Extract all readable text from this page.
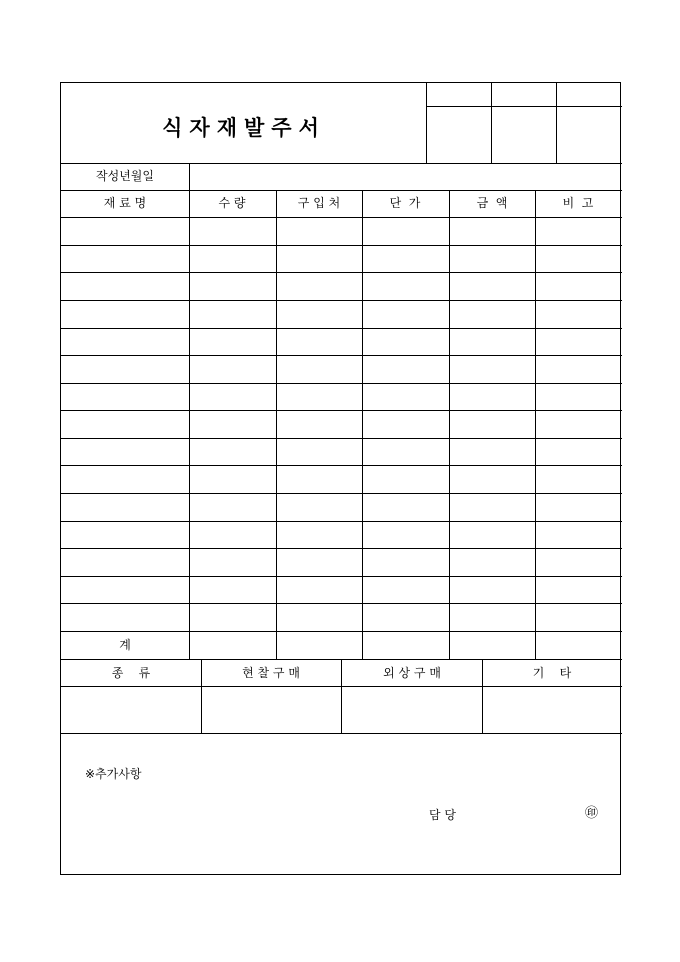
식자재발주서
작성년월일
재 료 명	수 량	구 입 처	단  가	금  액	비  고
계
종    류	현 찰 구 매	외 상 구 매	기    타
※추가사항
담 당	㊞
